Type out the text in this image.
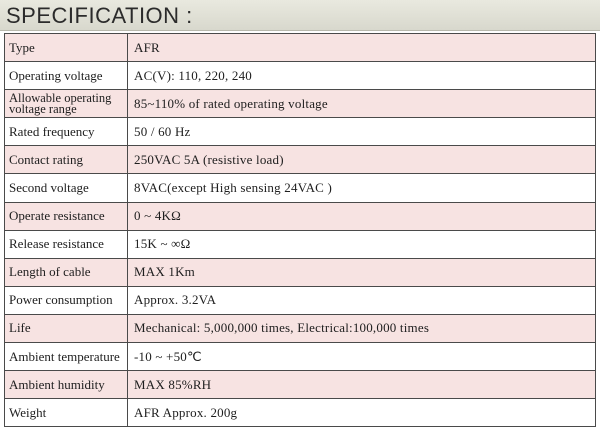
SPECIFICATION :
Type	AFR
Operating voltage	AC(V): 110, 220, 240
Allowable operating voltage range	85~110% of rated operating voltage
Rated frequency	50 / 60 Hz
Contact rating	250VAC 5A (resistive load)
Second voltage	8VAC(except High sensing 24VAC )
Operate resistance	0 ~ 4KΩ
Release resistance	15K ~ ∞Ω
Length of cable	MAX 1Km
Power consumption	Approx. 3.2VA
Life	Mechanical: 5,000,000 times, Electrical:100,000 times
Ambient temperature	-10 ~ +50℃
Ambient humidity	MAX 85%RH
Weight	AFR Approx. 200g
